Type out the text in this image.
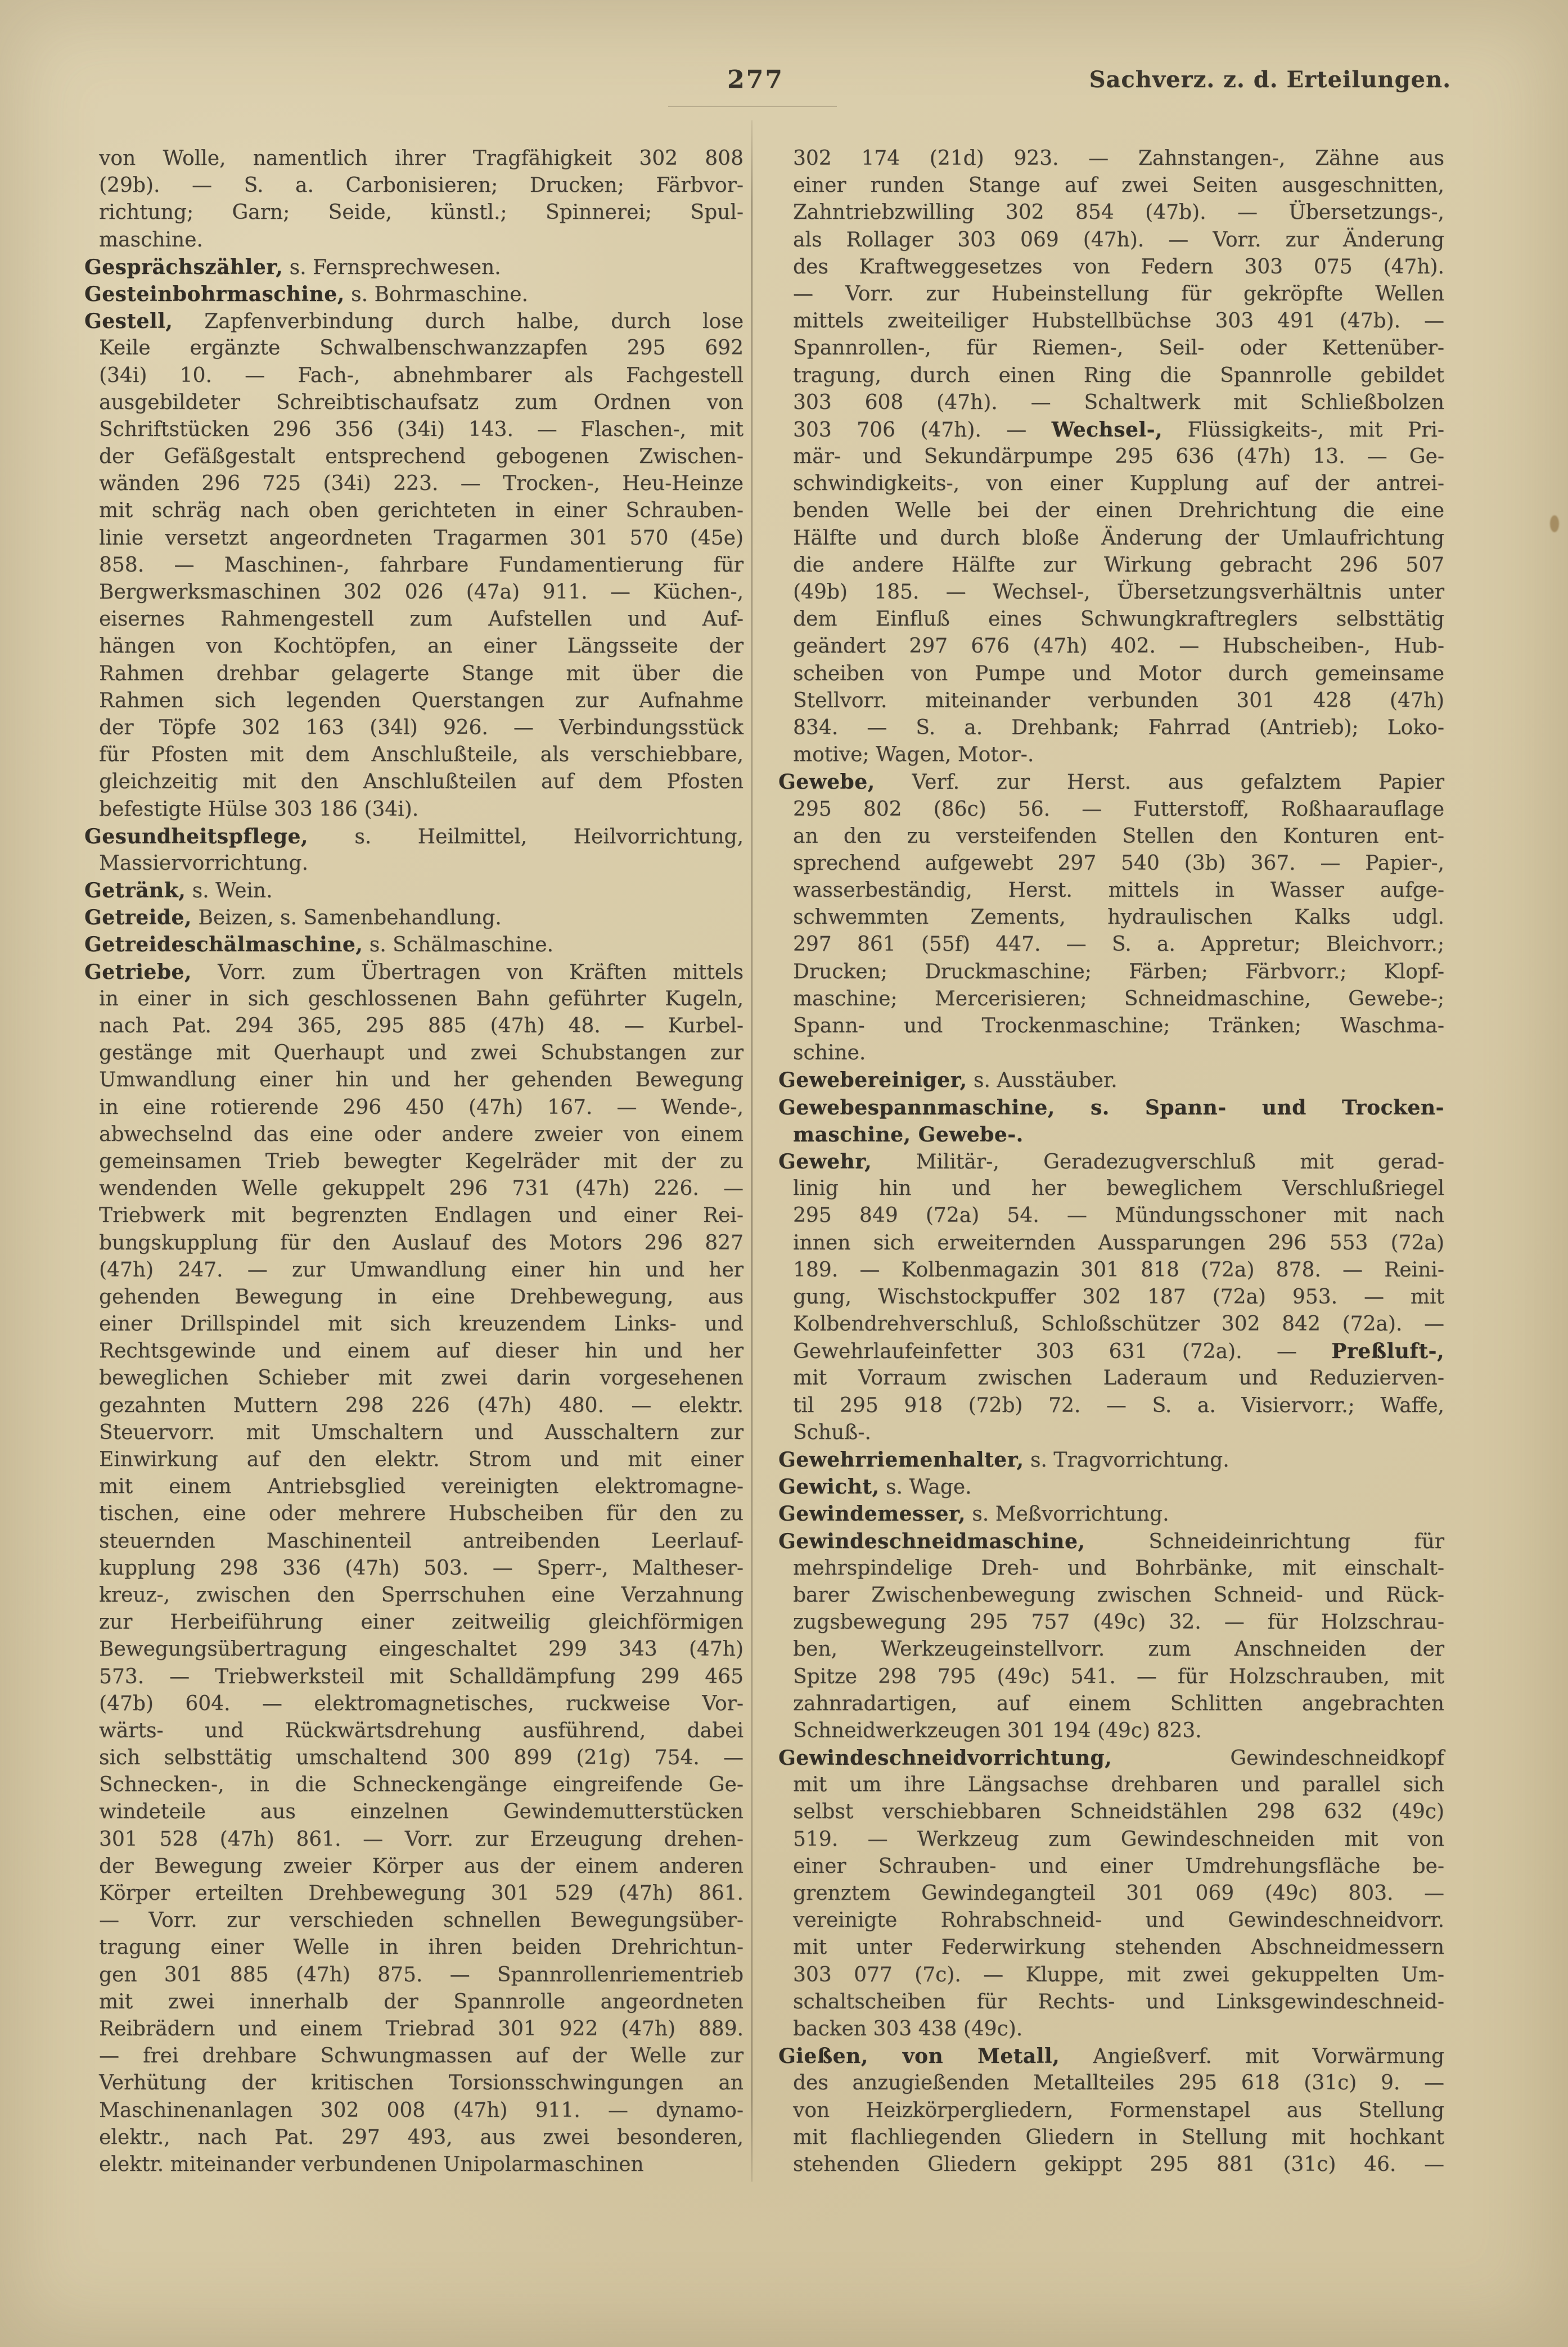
277	Sachverz. z. d. Erteilungen.
von Wolle, namentlich ihrer Tragfähigkeit 302 808
(29b). — S. a. Carbonisieren; Drucken; Färbvor-
richtung; Garn; Seide, künstl.; Spinnerei; Spul-
maschine.
Gesprächszähler, s. Fernsprechwesen.
Gesteinbohrmaschine, s. Bohrmaschine.
Gestell, Zapfenverbindung durch halbe, durch lose
Keile ergänzte Schwalbenschwanzzapfen 295 692
(34i) 10. — Fach-, abnehmbarer als Fachgestell
ausgebildeter Schreibtischaufsatz zum Ordnen von
Schriftstücken 296 356 (34i) 143. — Flaschen-, mit
der Gefäßgestalt entsprechend gebogenen Zwischen-
wänden 296 725 (34i) 223. — Trocken-, Heu-Heinze
mit schräg nach oben gerichteten in einer Schrauben-
linie versetzt angeordneten Tragarmen 301 570 (45e)
858. — Maschinen-, fahrbare Fundamentierung für
Bergwerksmaschinen 302 026 (47a) 911. — Küchen-,
eisernes Rahmengestell zum Aufstellen und Auf-
hängen von Kochtöpfen, an einer Längsseite der
Rahmen drehbar gelagerte Stange mit über die
Rahmen sich legenden Querstangen zur Aufnahme
der Töpfe 302 163 (34l) 926. — Verbindungsstück
für Pfosten mit dem Anschlußteile, als verschiebbare,
gleichzeitig mit den Anschlußteilen auf dem Pfosten
befestigte Hülse 303 186 (34i).
Gesundheitspflege, s. Heilmittel, Heilvorrichtung,
Massiervorrichtung.
Getränk, s. Wein.
Getreide, Beizen, s. Samenbehandlung.
Getreideschälmaschine, s. Schälmaschine.
Getriebe, Vorr. zum Übertragen von Kräften mittels
in einer in sich geschlossenen Bahn geführter Kugeln,
nach Pat. 294 365, 295 885 (47h) 48. — Kurbel-
gestänge mit Querhaupt und zwei Schubstangen zur
Umwandlung einer hin und her gehenden Bewegung
in eine rotierende 296 450 (47h) 167. — Wende-,
abwechselnd das eine oder andere zweier von einem
gemeinsamen Trieb bewegter Kegelräder mit der zu
wendenden Welle gekuppelt 296 731 (47h) 226. —
Triebwerk mit begrenzten Endlagen und einer Rei-
bungskupplung für den Auslauf des Motors 296 827
(47h) 247. — zur Umwandlung einer hin und her
gehenden Bewegung in eine Drehbewegung, aus
einer Drillspindel mit sich kreuzendem Links- und
Rechtsgewinde und einem auf dieser hin und her
beweglichen Schieber mit zwei darin vorgesehenen
gezahnten Muttern 298 226 (47h) 480. — elektr.
Steuervorr. mit Umschaltern und Ausschaltern zur
Einwirkung auf den elektr. Strom und mit einer
mit einem Antriebsglied vereinigten elektromagne-
tischen, eine oder mehrere Hubscheiben für den zu
steuernden Maschinenteil antreibenden Leerlauf-
kupplung 298 336 (47h) 503. — Sperr-, Maltheser-
kreuz-, zwischen den Sperrschuhen eine Verzahnung
zur Herbeiführung einer zeitweilig gleichförmigen
Bewegungsübertragung eingeschaltet 299 343 (47h)
573. — Triebwerksteil mit Schalldämpfung 299 465
(47b) 604. — elektromagnetisches, ruckweise Vor-
wärts- und Rückwärtsdrehung ausführend, dabei
sich selbsttätig umschaltend 300 899 (21g) 754. —
Schnecken-, in die Schneckengänge eingreifende Ge-
windeteile aus einzelnen Gewindemutterstücken
301 528 (47h) 861. — Vorr. zur Erzeugung drehen-
der Bewegung zweier Körper aus der einem anderen
Körper erteilten Drehbewegung 301 529 (47h) 861.
— Vorr. zur verschieden schnellen Bewegungsüber-
tragung einer Welle in ihren beiden Drehrichtun-
gen 301 885 (47h) 875. — Spannrollenriementrieb
mit zwei innerhalb der Spannrolle angeordneten
Reibrädern und einem Triebrad 301 922 (47h) 889.
— frei drehbare Schwungmassen auf der Welle zur
Verhütung der kritischen Torsionsschwingungen an
Maschinenanlagen 302 008 (47h) 911. — dynamo-
elektr., nach Pat. 297 493, aus zwei besonderen,
elektr. miteinander verbundenen Unipolarmaschinen
302 174 (21d) 923. — Zahnstangen-, Zähne aus
einer runden Stange auf zwei Seiten ausgeschnitten,
Zahntriebzwilling 302 854 (47b). — Übersetzungs-,
als Rollager 303 069 (47h). — Vorr. zur Änderung
des Kraftweggesetzes von Federn 303 075 (47h).
— Vorr. zur Hubeinstellung für gekröpfte Wellen
mittels zweiteiliger Hubstellbüchse 303 491 (47b). —
Spannrollen-, für Riemen-, Seil- oder Kettenüber-
tragung, durch einen Ring die Spannrolle gebildet
303 608 (47h). — Schaltwerk mit Schließbolzen
303 706 (47h). — Wechsel-, Flüssigkeits-, mit Pri-
mär- und Sekundärpumpe 295 636 (47h) 13. — Ge-
schwindigkeits-, von einer Kupplung auf der antrei-
benden Welle bei der einen Drehrichtung die eine
Hälfte und durch bloße Änderung der Umlaufrichtung
die andere Hälfte zur Wirkung gebracht 296 507
(49b) 185. — Wechsel-, Übersetzungsverhältnis unter
dem Einfluß eines Schwungkraftreglers selbsttätig
geändert 297 676 (47h) 402. — Hubscheiben-, Hub-
scheiben von Pumpe und Motor durch gemeinsame
Stellvorr. miteinander verbunden 301 428 (47h)
834. — S. a. Drehbank; Fahrrad (Antrieb); Loko-
motive; Wagen, Motor-.
Gewebe, Verf. zur Herst. aus gefalztem Papier
295 802 (86c) 56. — Futterstoff, Roßhaarauflage
an den zu versteifenden Stellen den Konturen ent-
sprechend aufgewebt 297 540 (3b) 367. — Papier-,
wasserbeständig, Herst. mittels in Wasser aufge-
schwemmten Zements, hydraulischen Kalks udgl.
297 861 (55f) 447. — S. a. Appretur; Bleichvorr.;
Drucken; Druckmaschine; Färben; Färbvorr.; Klopf-
maschine; Mercerisieren; Schneidmaschine, Gewebe-;
Spann- und Trockenmaschine; Tränken; Waschma-
schine.
Gewebereiniger, s. Ausstäuber.
Gewebespannmaschine, s. Spann- und Trocken-
maschine, Gewebe-.
Gewehr, Militär-, Geradezugverschluß mit gerad-
linig hin und her beweglichem Verschlußriegel
295 849 (72a) 54. — Mündungsschoner mit nach
innen sich erweiternden Aussparungen 296 553 (72a)
189. — Kolbenmagazin 301 818 (72a) 878. — Reini-
gung, Wischstockpuffer 302 187 (72a) 953. — mit
Kolbendrehverschluß, Schloßschützer 302 842 (72a). —
Gewehrlaufeinfetter 303 631 (72a). — Preßluft-,
mit Vorraum zwischen Laderaum und Reduzierven-
til 295 918 (72b) 72. — S. a. Visiervorr.; Waffe,
Schuß-.
Gewehrriemenhalter, s. Tragvorrichtung.
Gewicht, s. Wage.
Gewindemesser, s. Meßvorrichtung.
Gewindeschneidmaschine, Schneideinrichtung für
mehrspindelige Dreh- und Bohrbänke, mit einschalt-
barer Zwischenbewegung zwischen Schneid- und Rück-
zugsbewegung 295 757 (49c) 32. — für Holzschrau-
ben, Werkzeugeinstellvorr. zum Anschneiden der
Spitze 298 795 (49c) 541. — für Holzschrauben, mit
zahnradartigen, auf einem Schlitten angebrachten
Schneidwerkzeugen 301 194 (49c) 823.
Gewindeschneidvorrichtung, Gewindeschneidkopf
mit um ihre Längsachse drehbaren und parallel sich
selbst verschiebbaren Schneidstählen 298 632 (49c)
519. — Werkzeug zum Gewindeschneiden mit von
einer Schrauben- und einer Umdrehungsfläche be-
grenztem Gewindegangteil 301 069 (49c) 803. —
vereinigte Rohrabschneid- und Gewindeschneidvorr.
mit unter Federwirkung stehenden Abschneidmessern
303 077 (7c). — Kluppe, mit zwei gekuppelten Um-
schaltscheiben für Rechts- und Linksgewindeschneid-
backen 303 438 (49c).
Gießen, von Metall, Angießverf. mit Vorwärmung
des anzugießenden Metallteiles 295 618 (31c) 9. —
von Heizkörpergliedern, Formenstapel aus Stellung
mit flachliegenden Gliedern in Stellung mit hochkant
stehenden Gliedern gekippt 295 881 (31c) 46. —
